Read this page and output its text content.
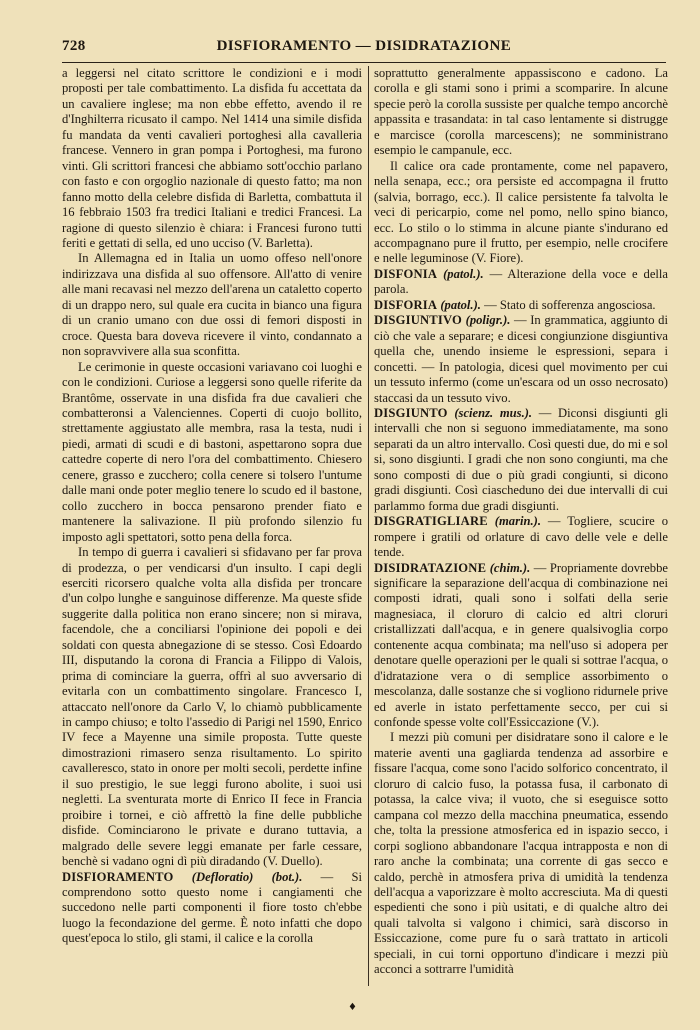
728	DISFIORAMENTO — DISIDRATAZIONE

a leggersi nel citato scrittore le condizioni e i modi proposti per tale combattimento. La disfida fu accettata da un cavaliere inglese; ma non ebbe effetto, avendo il re d'Inghilterra ricusato il campo. Nel 1414 una simile disfida fu mandata da venti cavalieri portoghesi alla cavalleria francese. Vennero in gran pompa i Portoghesi, ma furono vinti. Gli scrittori francesi che abbiamo sott'occhio parlano con fasto e con orgoglio nazionale di questo fatto; ma non fanno motto della celebre disfida di Barletta, combattuta il 16 febbraio 1503 fra tredici Italiani e tredici Francesi. La ragione di questo silenzio è chiara: i Francesi furono tutti feriti e gettati di sella, ed uno ucciso (V. Barletta).

In Allemagna ed in Italia un uomo offeso nell'onore indirizzava una disfida al suo offensore. All'atto di venire alle mani recavasi nel mezzo dell'arena un cataletto coperto di un drappo nero, sul quale era cucita in bianco una figura di un cranio umano con due ossi di femori disposti in croce. Questa bara doveva ricevere il vinto, condannato a non sopravvivere alla sua sconfitta.

Le cerimonie in queste occasioni variavano coi luoghi e con le condizioni. Curiose a leggersi sono quelle riferite da Brantôme, osservate in una disfida fra due cavalieri che combatteronsi a Valenciennes. Coperti di cuojo bollito, strettamente aggiustato alle membra, rasa la testa, nudi i piedi, armati di scudi e di bastoni, aspettarono sopra due cattedre coperte di nero l'ora del combattimento. Chiesero cenere, grasso e zucchero; colla cenere si tolsero l'untume dalle mani onde poter meglio tenere lo scudo ed il bastone, collo zucchero in bocca pensarono prender fiato e mantenere la salivazione. Il più profondo silenzio fu imposto agli spettatori, sotto pena della forca.

In tempo di guerra i cavalieri si sfidavano per far prova di prodezza, o per vendicarsi d'un insulto. I capi degli eserciti ricorsero qualche volta alla disfida per troncare d'un colpo lunghe e sanguinose differenze. Ma queste sfide suggerite dalla politica non erano sincere; non si mirava, facendole, che a conciliarsi l'opinione dei popoli e dei soldati con questa abnegazione di se stesso. Così Edoardo III, disputando la corona di Francia a Filippo di Valois, prima di cominciare la guerra, offrì al suo avversario di evitarla con un combattimento singolare. Francesco I, attaccato nell'onore da Carlo V, lo chiamò pubblicamente in campo chiuso; e tolto l'assedio di Parigi nel 1590, Enrico IV fece a Mayenne una simile proposta. Tutte queste dimostrazioni rimasero senza risultamento. Lo spirito cavalleresco, stato in onore per molti secoli, perdette infine il suo prestigio, le sue leggi furono abolite, i suoi usi negletti. La sventurata morte di Enrico II fece in Francia proibire i tornei, e ciò affrettò la fine delle pubbliche disfide. Cominciarono le private e durano tuttavia, a malgrado delle severe leggi emanate per farle cessare, benchè si vadano ogni dì più diradando (V. Duello).

DISFIORAMENTO (Defloratio) (bot.). — Si comprendono sotto questo nome i cangiamenti che succedono nelle parti componenti il fiore tosto ch'ebbe luogo la fecondazione del germe. È noto infatti che dopo quest'epoca lo stilo, gli stami, il calice e la corolla

soprattutto generalmente appassiscono e cadono. La corolla e gli stami sono i primi a scomparire. In alcune specie però la corolla sussiste per qualche tempo ancorchè appassita e trasandata: in tal caso lentamente si distrugge e marcisce (corolla marcescens); ne somministrano esempio le campanule, ecc.

Il calice ora cade prontamente, come nel papavero, nella senapa, ecc.; ora persiste ed accompagna il frutto (salvia, borrago, ecc.). Il calice persistente fa talvolta le veci di pericarpio, come nel pomo, nello spino bianco, ecc. Lo stilo o lo stimma in alcune piante s'indurano ed accompagnano pure il frutto, per esempio, nelle crocifere e nelle leguminose (V. Fiore).

DISFONIA (patol.). — Alterazione della voce e della parola.

DISFORIA (patol.). — Stato di sofferenza angosciosa.

DISGIUNTIVO (poligr.). — In grammatica, aggiunto di ciò che vale a separare; e dicesi congiunzione disgiuntiva quella che, unendo insieme le espressioni, separa i concetti. — In patologia, dicesi quel movimento per cui un tessuto infermo (come un'escara od un osso necrosato) staccasi da un tessuto vivo.

DISGIUNTO (scienz. mus.). — Diconsi disgiunti gli intervalli che non si seguono immediatamente, ma sono separati da un altro intervallo. Così questi due, do mi e sol si, sono disgiunti. I gradi che non sono congiunti, ma che sono composti di due o più gradi congiunti, si dicono gradi disgiunti. Così ciascheduno dei due intervalli di cui parlammo forma due gradi disgiunti.

DISGRATIGLIARE (marin.). — Togliere, scucire o rompere i gratili od orlature di cavo delle vele e delle tende.

DISIDRATAZIONE (chim.). — Propriamente dovrebbe significare la separazione dell'acqua di combinazione nei composti idrati, quali sono i solfati della serie magnesiaca, il cloruro di calcio ed altri cloruri cristallizzati dall'acqua, e in genere qualsivoglia corpo contenente acqua combinata; ma nell'uso si adopera per denotare quelle operazioni per le quali si sottrae l'acqua, o d'idratazione vera o di semplice assorbimento o mescolanza, dalle sostanze che si vogliono ridurnele prive ed averle in istato perfettamente secco, per cui si confonde spesse volte coll'Essiccazione (V.).

I mezzi più comuni per disidratare sono il calore e le materie aventi una gagliarda tendenza ad assorbire e fissare l'acqua, come sono l'acido solforico concentrato, il cloruro di calcio fuso, la potassa fusa, il carbonato di potassa, la calce viva; il vuoto, che si eseguisce sotto campana col mezzo della macchina pneumatica, essendo che, tolta la pressione atmosferica ed in ispazio secco, i corpi sogliono abbandonare l'acqua intrapposta e non di raro anche la combinata; una corrente di gas secco e caldo, perchè in atmosfera priva di umidità la tendenza dell'acqua a vaporizzare è molto accresciuta. Ma di questi espedienti che sono i più usitati, e di qualche altro dei quali talvolta si valgono i chimici, sarà discorso in Essiccazione, come pure fu o sarà trattato in articoli speciali, in cui torni opportuno d'indicare i mezzi più acconci a sottrarre l'umidità

♦
